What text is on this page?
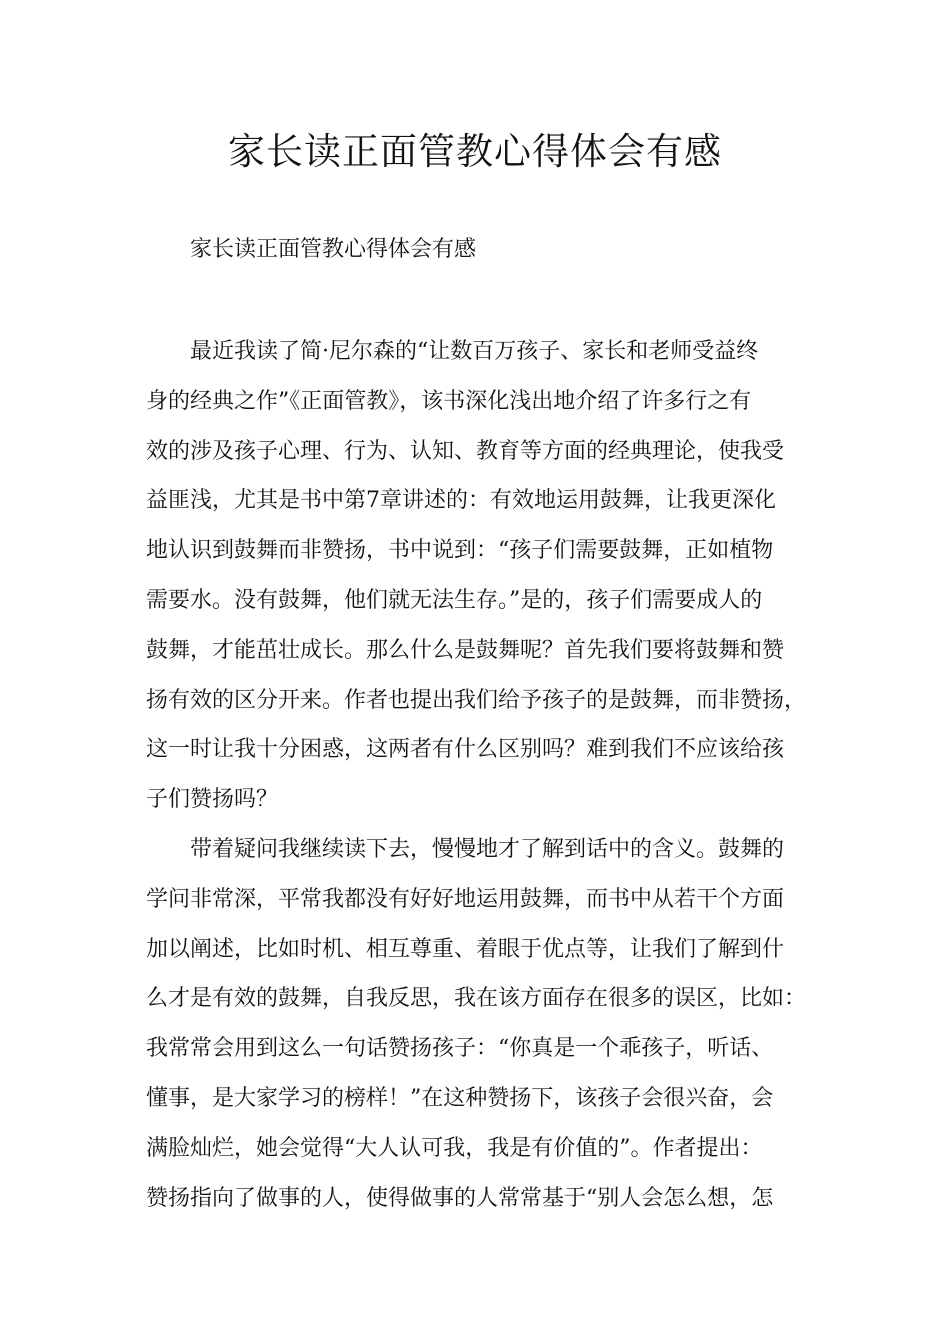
家长读正面管教心得体会有感

家长读正面管教心得体会有感

最近我读了简·尼尔森的“让数百万孩子、家长和老师受益终
身的经典之作”《正面管教》，该书深化浅出地介绍了许多行之有
效的涉及孩子心理、行为、认知、教育等方面的经典理论，使我受
益匪浅，尤其是书中第7章讲述的：有效地运用鼓舞，让我更深化
地认识到鼓舞而非赞扬，书中说到：“孩子们需要鼓舞，正如植物
需要水。没有鼓舞，他们就无法生存。”是的，孩子们需要成人的
鼓舞，才能茁壮成长。那么什么是鼓舞呢？首先我们要将鼓舞和赞
扬有效的区分开来。作者也提出我们给予孩子的是鼓舞，而非赞扬，
这一时让我十分困惑，这两者有什么区别吗？难到我们不应该给孩
子们赞扬吗？

带着疑问我继续读下去，慢慢地才了解到话中的含义。鼓舞的
学问非常深，平常我都没有好好地运用鼓舞，而书中从若干个方面
加以阐述，比如时机、相互尊重、着眼于优点等，让我们了解到什
么才是有效的鼓舞，自我反思，我在该方面存在很多的误区，比如：
我常常会用到这么一句话赞扬孩子：“你真是一个乖孩子，听话、
懂事，是大家学习的榜样！”在这种赞扬下，该孩子会很兴奋，会
满脸灿烂，她会觉得“大人认可我，我是有价值的”。作者提出：
赞扬指向了做事的人，使得做事的人常常基于“别人会怎么想，怎
